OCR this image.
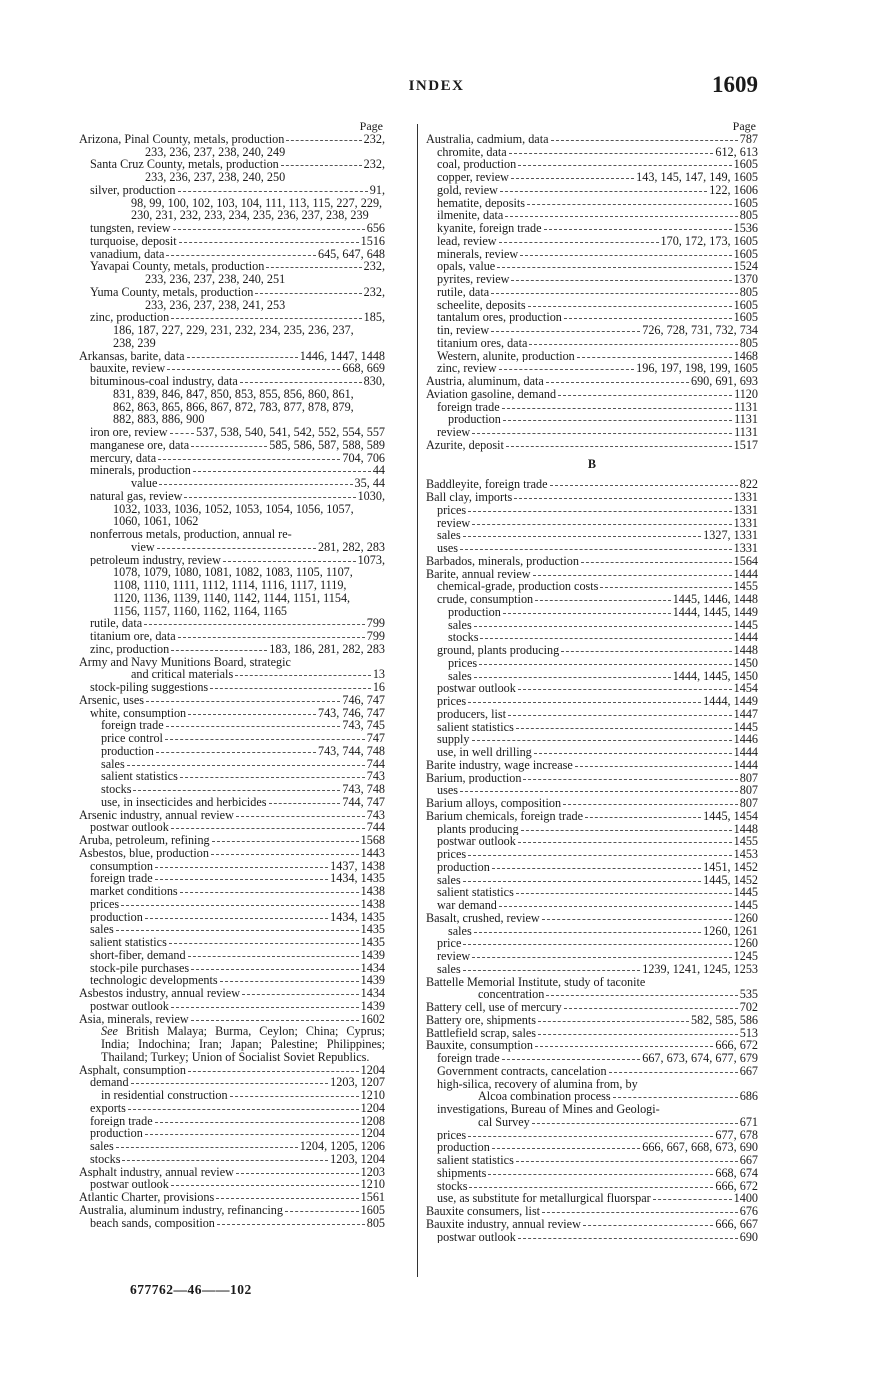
INDEX	1609
Page
Arizona, Pinal County, metals, production	232,
233, 236, 237, 238, 240, 249
Santa Cruz County, metals, production	232,
233, 236, 237, 238, 240, 250
silver, production	91,
98, 99, 100, 102, 103, 104, 111, 113, 115, 227, 229,
230, 231, 232, 233, 234, 235, 236, 237, 238, 239
tungsten, review	656
turquoise, deposit	1516
vanadium, data	645, 647, 648
Yavapai County, metals, production	232,
233, 236, 237, 238, 240, 251
Yuma County, metals, production	232,
233, 236, 237, 238, 241, 253
zinc, production	185,
186, 187, 227, 229, 231, 232, 234, 235, 236, 237,
238, 239
Arkansas, barite, data	1446, 1447, 1448
bauxite, review	668, 669
bituminous-coal industry, data	830,
831, 839, 846, 847, 850, 853, 855, 856, 860, 861,
862, 863, 865, 866, 867, 872, 783, 877, 878, 879,
882, 883, 886, 900
iron ore, review 537, 538, 540, 541, 542, 552, 554, 557
manganese ore, data	585, 586, 587, 588, 589
mercury, data	704, 706
minerals, production	44
value	35, 44
natural gas, review	1030,
1032, 1033, 1036, 1052, 1053, 1054, 1056, 1057,
1060, 1061, 1062
nonferrous metals, production, annual re-
view	281, 282, 283
petroleum industry, review	1073,
1078, 1079, 1080, 1081, 1082, 1083, 1105, 1107,
1108, 1110, 1111, 1112, 1114, 1116, 1117, 1119,
1120, 1136, 1139, 1140, 1142, 1144, 1151, 1154,
1156, 1157, 1160, 1162, 1164, 1165
rutile, data	799
titanium ore, data	799
zinc, production	183, 186, 281, 282, 283
Army and Navy Munitions Board, strategic
and critical materials	13
stock-piling suggestions	16
Arsenic, uses	746, 747
white, consumption	743, 746, 747
foreign trade	743, 745
price control	747
production	743, 744, 748
sales	744
salient statistics	743
stocks	743, 748
use, in insecticides and herbicides	744, 747
Arsenic industry, annual review	743
postwar outlook	744
Aruba, petroleum, refining	1568
Asbestos, blue, production	1443
consumption	1437, 1438
foreign trade	1434, 1435
market conditions	1438
prices	1438
production	1434, 1435
sales	1435
salient statistics	1435
short-fiber, demand	1439
stock-pile purchases	1434
technologic developments	1439
Asbestos industry, annual review	1434
postwar outlook	1439
Asia, minerals, review	1602
See British Malaya; Burma, Ceylon; China; Cyprus; India; Indochina; Iran; Japan; Palestine; Philippines; Thailand; Turkey; Union of Socialist Soviet Republics.
Asphalt, consumption	1204
demand	1203, 1207
in residential construction	1210
exports	1204
foreign trade	1208
production	1204
sales	1204, 1205, 1206
stocks	1203, 1204
Asphalt industry, annual review	1203
postwar outlook	1210
Atlantic Charter, provisions	1561
Australia, aluminum industry, refinancing	1605
beach sands, composition	805
Page
Australia, cadmium, data	787
chromite, data	612, 613
coal, production	1605
copper, review	143, 145, 147, 149, 1605
gold, review	122, 1606
hematite, deposits	1605
ilmenite, data	805
kyanite, foreign trade	1536
lead, review	170, 172, 173, 1605
minerals, review	1605
opals, value	1524
pyrites, review	1370
rutile, data	805
scheelite, deposits	1605
tantalum ores, production	1605
tin, review	726, 728, 731, 732, 734
titanium ores, data	805
Western, alunite, production	1468
zinc, review	196, 197, 198, 199, 1605
Austria, aluminum, data	690, 691, 693
Aviation gasoline, demand	1120
foreign trade	1131
production	1131
review	1131
Azurite, deposit	1517
B
Baddleyite, foreign trade	822
Ball clay, imports	1331
prices	1331
review	1331
sales	1327, 1331
uses	1331
Barbados, minerals, production	1564
Barite, annual review	1444
chemical-grade, production costs	1455
crude, consumption	1445, 1446, 1448
production	1444, 1445, 1449
sales	1445
stocks	1444
ground, plants producing	1448
prices	1450
sales	1444, 1445, 1450
postwar outlook	1454
prices	1444, 1449
producers, list	1447
salient statistics	1445
supply	1446
use, in well drilling	1444
Barite industry, wage increase	1444
Barium, production	807
uses	807
Barium alloys, composition	807
Barium chemicals, foreign trade	1445, 1454
plants producing	1448
postwar outlook	1455
prices	1453
production	1451, 1452
sales	1445, 1452
salient statistics	1445
war demand	1445
Basalt, crushed, review	1260
sales	1260, 1261
price	1260
review	1245
sales	1239, 1241, 1245, 1253
Battelle Memorial Institute, study of taconite
concentration	535
Battery cell, use of mercury	702
Battery ore, shipments	582, 585, 586
Battlefield scrap, sales	513
Bauxite, consumption	666, 672
foreign trade	667, 673, 674, 677, 679
Government contracts, cancelation	667
high-silica, recovery of alumina from, by
Alcoa combination process	686
investigations, Bureau of Mines and Geologi-
cal Survey	671
prices	677, 678
production	666, 667, 668, 673, 690
salient statistics	667
shipments	668, 674
stocks	666, 672
use, as substitute for metallurgical fluorspar	1400
Bauxite consumers, list	676
Bauxite industry, annual review	666, 667
postwar outlook	690
677762—46——102
